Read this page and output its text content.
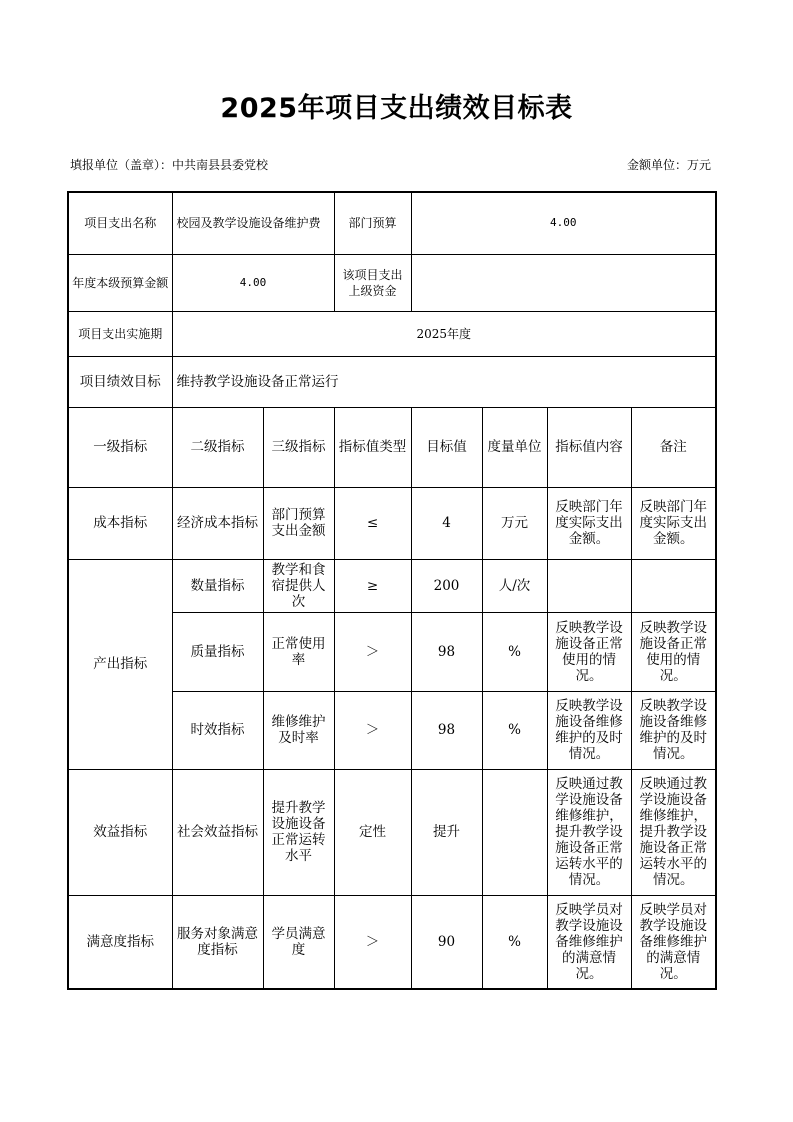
2025年项目支出绩效目标表
填报单位（盖章）：中共南县县委党校	金额单位：万元
项目支出名称	校园及教学设施设备维护费		部门预算	4.00			
年度本级预算金额	4.00		该项目支出上级资金				
项目支出实施期	2025年度						
项目绩效目标	维持教学设施设备正常运行						
一级指标	二级指标	三级指标	指标值类型	目标值	度量单位	指标值内容	备注
成本指标	经济成本指标	部门预算支出金额	≤	4	万元	反映部门年度实际支出金额。	反映部门年度实际支出金额。
产出指标	数量指标	教学和食宿提供人次	≥	200	人/次		
	质量指标	正常使用率	＞	98	%	反映教学设施设备正常使用的情况。	反映教学设施设备正常使用的情况。
	时效指标	维修维护及时率	＞	98	%	反映教学设施设备维修维护的及时情况。	反映教学设施设备维修维护的及时情况。
效益指标	社会效益指标	提升教学设施设备正常运转水平	定性	提升		反映通过教学设施设备维修维护，提升教学设施设备正常运转水平的情况。	反映通过教学设施设备维修维护，提升教学设施设备正常运转水平的情况。
满意度指标	服务对象满意度指标	学员满意度	＞	90	%	反映学员对教学设施设备维修维护的满意情况。	反映学员对教学设施设备维修维护的满意情况。
